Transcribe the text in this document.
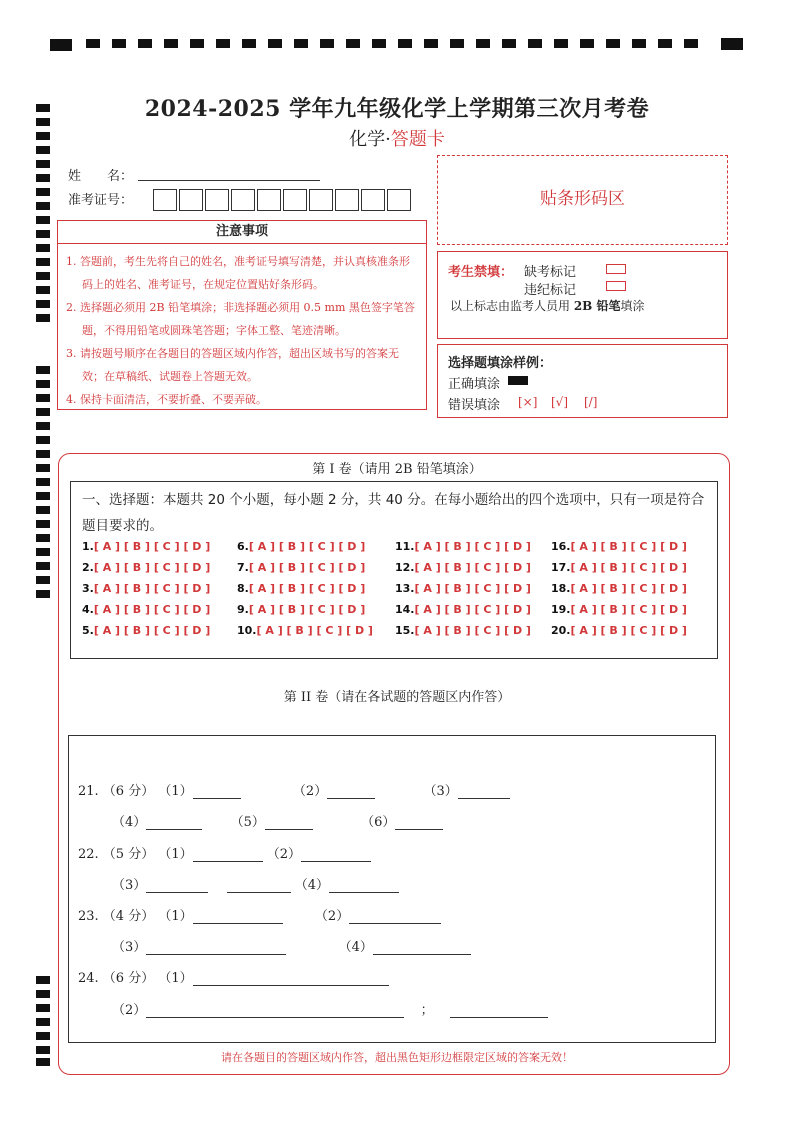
2024-2025 学年九年级化学上学期第三次月考卷
化学·答题卡
姓　　名：
准考证号：
注意事项
1. 答题前，考生先将自己的姓名，准考证号填写清楚，并认真核准条形码上的姓名、准考证号，在规定位置贴好条形码。
2. 选择题必须用 2B 铅笔填涂；非选择题必须用 0.5 mm 黑色签字笔答题，不得用铅笔或圆珠笔答题；字体工整、笔迹清晰。
3. 请按题号顺序在各题目的答题区域内作答，超出区域书写的答案无效；在草稿纸、试题卷上答题无效。
4. 保持卡面清洁，不要折叠、不要弄破。
贴条形码区
考生禁填： 缺考标记
违纪标记
以上标志由监考人员用 2B 铅笔填涂
选择题填涂样例：
正确填涂
错误填涂 [×] [√] [/]
第 I 卷（请用 2B 铅笔填涂）
一、选择题：本题共 20 个小题，每小题 2 分，共 40 分。在每小题给出的四个选项中，只有一项是符合题目要求的。
1.[ A ] [ B ] [ C ] [ D ]
2.[ A ] [ B ] [ C ] [ D ]
3.[ A ] [ B ] [ C ] [ D ]
4.[ A ] [ B ] [ C ] [ D ]
5.[ A ] [ B ] [ C ] [ D ]
6.[ A ] [ B ] [ C ] [ D ]
7.[ A ] [ B ] [ C ] [ D ]
8.[ A ] [ B ] [ C ] [ D ]
9.[ A ] [ B ] [ C ] [ D ]
10.[ A ] [ B ] [ C ] [ D ]
11.[ A ] [ B ] [ C ] [ D ]
12.[ A ] [ B ] [ C ] [ D ]
13.[ A ] [ B ] [ C ] [ D ]
14.[ A ] [ B ] [ C ] [ D ]
15.[ A ] [ B ] [ C ] [ D ]
16.[ A ] [ B ] [ C ] [ D ]
17.[ A ] [ B ] [ C ] [ D ]
18.[ A ] [ B ] [ C ] [ D ]
19.[ A ] [ B ] [ C ] [ D ]
20.[ A ] [ B ] [ C ] [ D ]
第 II 卷（请在各试题的答题区内作答）
21. （6 分） （1）	（2）	（3）
（4）	（5）	（6）
22. （5 分） （1）	（2）
（3）	（4）
23. （4 分） （1）	（2）
（3）	（4）
24. （6 分） （1）
（2）	；
请在各题目的答题区域内作答，超出黑色矩形边框限定区域的答案无效！
